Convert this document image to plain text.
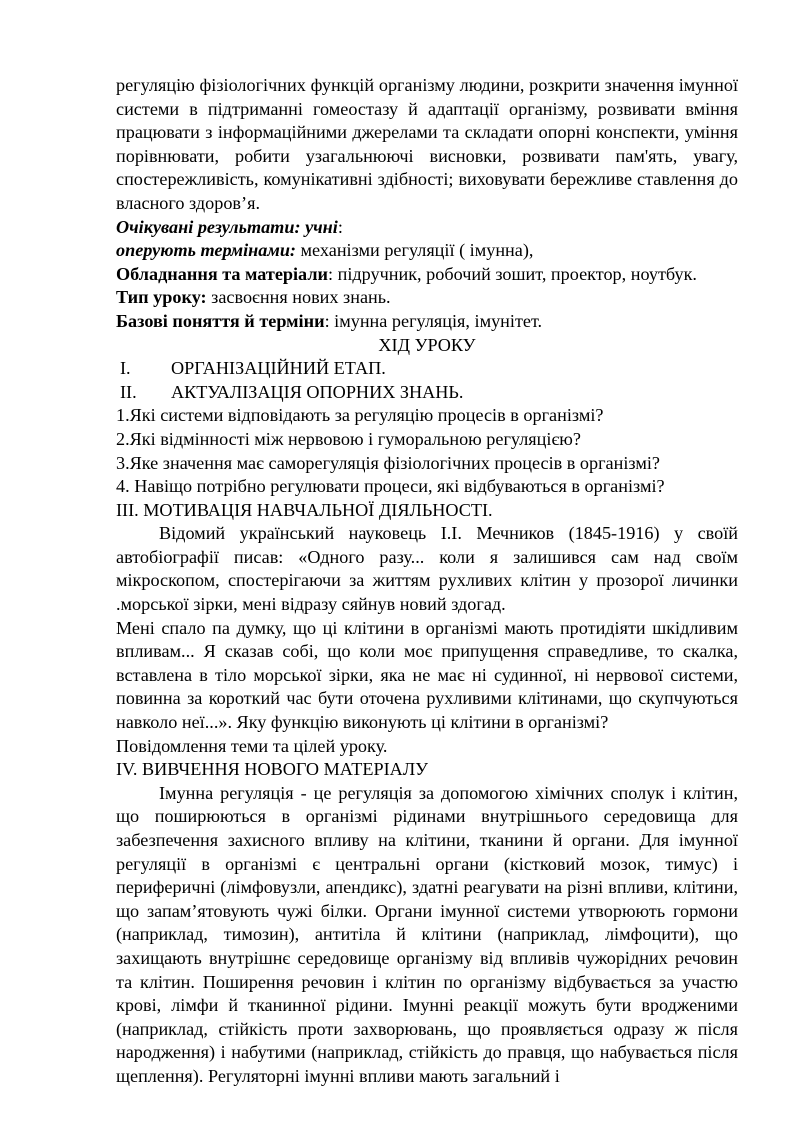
регуляцію фізіологічних функцій організму людини, розкрити значення імунної системи в підтриманні гомеостазу й адаптації організму, розвивати вміння працювати з інформаційними джерелами та складати опорні конспекти, уміння порівнювати, робити узагальнюючі висновки, розвивати пам'ять, увагу, спостережливість, комунікативні здібності; виховувати бережливе ставлення до власного здоров’я.

Очікувані результати: учні:

оперують термінами: механізми регуляції ( імунна),

Обладнання та матеріали: підручник, робочий зошит, проектор, ноутбук.

Тип уроку: засвоєння нових знань.

Базові поняття й терміни: імунна регуляція, імунітет.

ХІД УРОКУ

I. ОРГАНІЗАЦІЙНИЙ ЕТАП.

II. АКТУАЛІЗАЦІЯ ОПОРНИХ ЗНАНЬ.

1.Які системи відповідають за регуляцію процесів в організмі?

2.Які відмінності між нервовою і гуморальною регуляцією?

3.Яке значення має саморегуляція фізіологічних процесів в організмі?

4. Навіщо потрібно регулювати процеси, які відбуваються в організмі?

III. МОТИВАЦІЯ НАВЧАЛЬНОЇ ДІЯЛЬНОСТІ.

Відомий український науковець І.І. Мечников (1845-1916) у своїй автобіографії писав: «Одного разу... коли я залишився сам над своїм мікроскопом, спостерігаючи за життям рухливих клітин у прозорої личинки .морської зірки, мені відразу сяйнув новий здогад.

Мені спало па думку, що ці клітини в організмі мають протидіяти шкідливим впливам... Я сказав собі, що коли моє припущення справедливе, то скалка, вставлена в тіло морської зірки, яка не має ні судинної, ні нервової системи, повинна за короткий час бути оточена рухливими клітинами, що скупчуються навколо неї...». Яку функцію виконують ці клітини в організмі?

Повідомлення теми та цілей уроку.

IV. ВИВЧЕННЯ НОВОГО МАТЕРІАЛУ

Імунна регуляція - це регуляція за допомогою хімічних сполук і клітин, що поширюються в організмі рідинами внутрішнього середовища для забезпечення захисного впливу на клітини, тканини й органи. Для імунної регуляції в організмі є центральні органи (кістковий мозок, тимус) і периферичні (лімфовузли, апендикс), здатні реагувати на різні впливи, клітини, що запам’ятовують чужі білки. Органи імунної системи утворюють гормони (наприклад, тимозин), антитіла й клітини (наприклад, лімфоцити), що захищають внутрішнє середовище організму від впливів чужорідних речовин та клітин. Поширення речовин і клітин по організму відбувається за участю крові, лімфи й тканинної рідини. Імунні реакції можуть бути вродженими (наприклад, стійкість проти захворювань, що проявляється одразу ж після народження) і набутими (наприклад, стійкість до правця, що набувається після щеплення). Регуляторні імунні впливи мають загальний і
